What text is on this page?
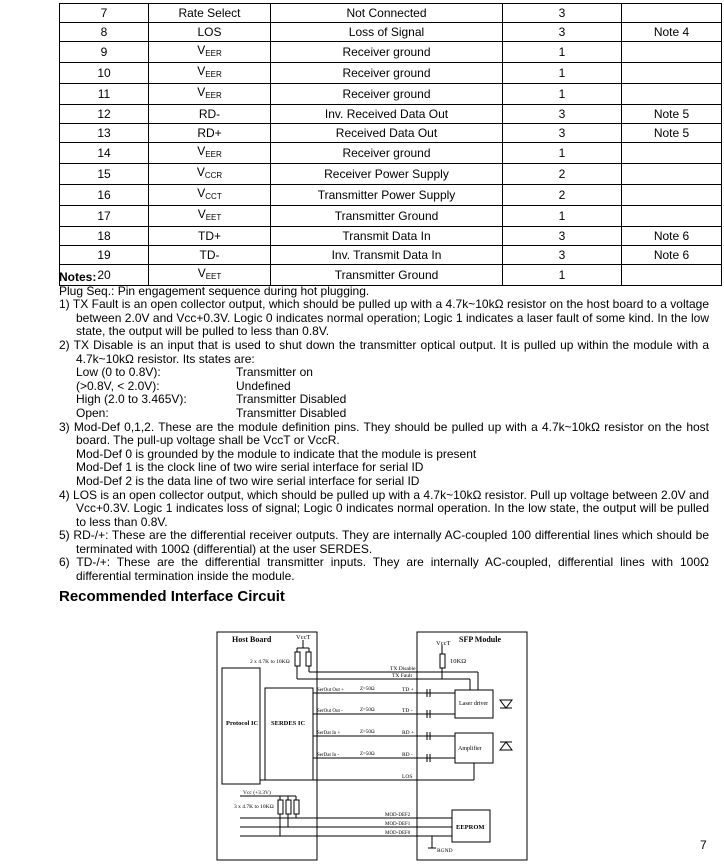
7	Rate Select	Not Connected	3	
8	LOS	Loss of Signal	3	Note 4
9	$V_{EER}$	Receiver ground	1	
10	$V_{EER}$	Receiver ground	1	
11	$V_{EER}$	Receiver ground	1	
12	RD-	Inv. Received Data Out	3	Note 5
13	RD+	Received Data Out	3	Note 5
14	$V_{EER}$	Receiver ground	1	
15	$V_{CCR}$	Receiver Power Supply	2	
16	$V_{CCT}$	Transmitter Power Supply	2	
17	$V_{EET}$	Transmitter Ground	1	
18	TD+	Transmit Data In	3	Note 6
19	TD-	Inv. Transmit Data In	3	Note 6
20	$V_{EET}$	Transmitter Ground	1	

Notes:

Plug Seq.: Pin engagement sequence during hot plugging.

1) TX Fault is an open collector output, which should be pulled up with a 4.7k~10kΩ resistor on the host board to a voltage between 2.0V and Vcc+0.3V. Logic 0 indicates normal operation; Logic 1 indicates a laser fault of some kind. In the low state, the output will be pulled to less than 0.8V.

2) TX Disable is an input that is used to shut down the transmitter optical output. It is pulled up within the module with a 4.7k~10kΩ resistor. Its states are:

Low (0 to 0.8V):	Transmitter on
(>0.8V, < 2.0V):	Undefined
High (2.0 to 3.465V):	Transmitter Disabled
Open:	Transmitter Disabled

3) Mod-Def 0,1,2. These are the module definition pins. They should be pulled up with a 4.7k~10kΩ resistor on the host board. The pull-up voltage shall be VccT or VccR.

Mod-Def 0 is grounded by the module to indicate that the module is present

Mod-Def 1 is the clock line of two wire serial interface for serial ID

Mod-Def 2 is the data line of two wire serial interface for serial ID

4) LOS is an open collector output, which should be pulled up with a 4.7k~10kΩ resistor. Pull up voltage between 2.0V and Vcc+0.3V. Logic 1 indicates loss of signal; Logic 0 indicates normal operation. In the low state, the output will be pulled to less than 0.8V.

5) RD-/+: These are the differential receiver outputs. They are internally AC-coupled 100 differential lines which should be terminated with 100Ω (differential) at the user SERDES.

6) TD-/+: These are the differential transmitter inputs. They are internally AC-coupled, differential lines with 100Ω differential termination inside the module.

Recommended Interface Circuit
Host Board	SFP Module
VccT
VccT
2 x 4.7K to 10KΩ	10KΩ
Protocol IC SERDES IC
TX Disable
TX Fault
SerOut Out +
SerOut Out -
SerDat In +
SerDat In -
Z=50Ω
Z=50Ω
Z=50Ω
Z=50Ω
TD +
TD -
RD +
RD -
LOS
Laser driver
Amplifier
Vcc (+3.3V)
3 x 4.7K to 10KΩ
MOD-DEF2
MOD-DEF1
MOD-DEF0
EEPROM
RGND	7
